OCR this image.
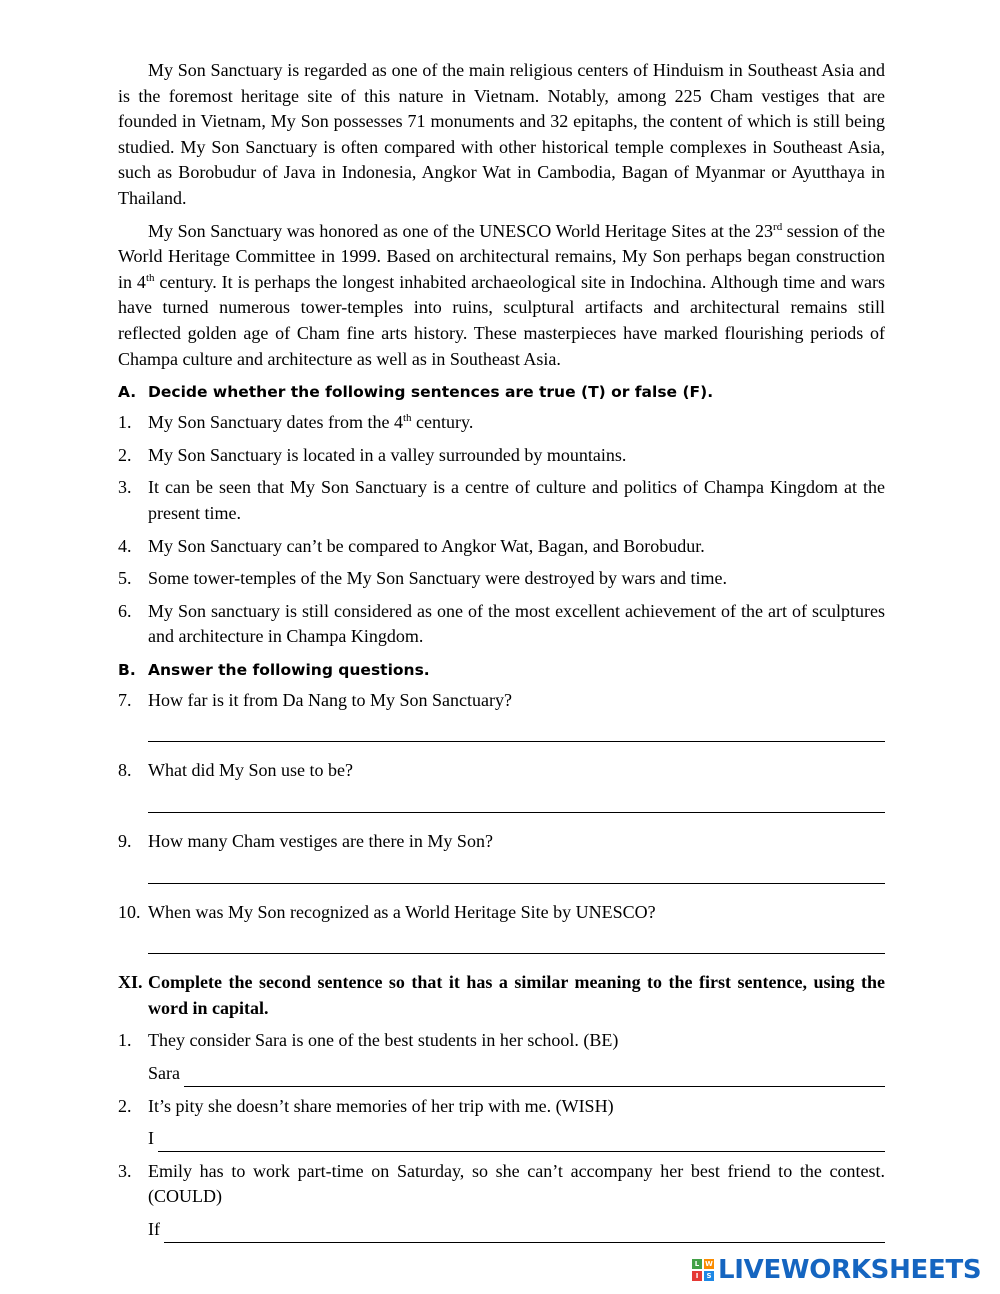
My Son Sanctuary is regarded as one of the main religious centers of Hinduism in Southeast Asia and is the foremost heritage site of this nature in Vietnam. Notably, among 225 Cham vestiges that are founded in Vietnam, My Son possesses 71 monuments and 32 epitaphs, the content of which is still being studied. My Son Sanctuary is often compared with other historical temple complexes in Southeast Asia, such as Borobudur of Java in Indonesia, Angkor Wat in Cambodia, Bagan of Myanmar or Ayutthaya in Thailand.

My Son Sanctuary was honored as one of the UNESCO World Heritage Sites at the 23rd session of the World Heritage Committee in 1999. Based on architectural remains, My Son perhaps began construction in 4th century. It is perhaps the longest inhabited archaeological site in Indochina. Although time and wars have turned numerous tower-temples into ruins, sculptural artifacts and architectural remains still reflected golden age of Cham fine arts history. These masterpieces have marked flourishing periods of Champa culture and architecture as well as in Southeast Asia.

A. Decide whether the following sentences are true (T) or false (F).
1. My Son Sanctuary dates from the 4th century.
2. My Son Sanctuary is located in a valley surrounded by mountains.
3. It can be seen that My Son Sanctuary is a centre of culture and politics of Champa Kingdom at the present time.
4. My Son Sanctuary can’t be compared to Angkor Wat, Bagan, and Borobudur.
5. Some tower-temples of the My Son Sanctuary were destroyed by wars and time.
6. My Son sanctuary is still considered as one of the most excellent achievement of the art of sculptures and architecture in Champa Kingdom.
B. Answer the following questions.
7. How far is it from Da Nang to My Son Sanctuary?
8. What did My Son use to be?
9. How many Cham vestiges are there in My Son?
10. When was My Son recognized as a World Heritage Site by UNESCO?
XI. Complete the second sentence so that it has a similar meaning to the first sentence, using the word in capital.
1. They consider Sara is one of the best students in her school. (BE)
Sara
2. It’s pity she doesn’t share memories of her trip with me. (WISH)
I
3. Emily has to work part-time on Saturday, so she can’t accompany her best friend to the contest. (COULD)
If
L W
I	S LIVEWORKSHEETS
